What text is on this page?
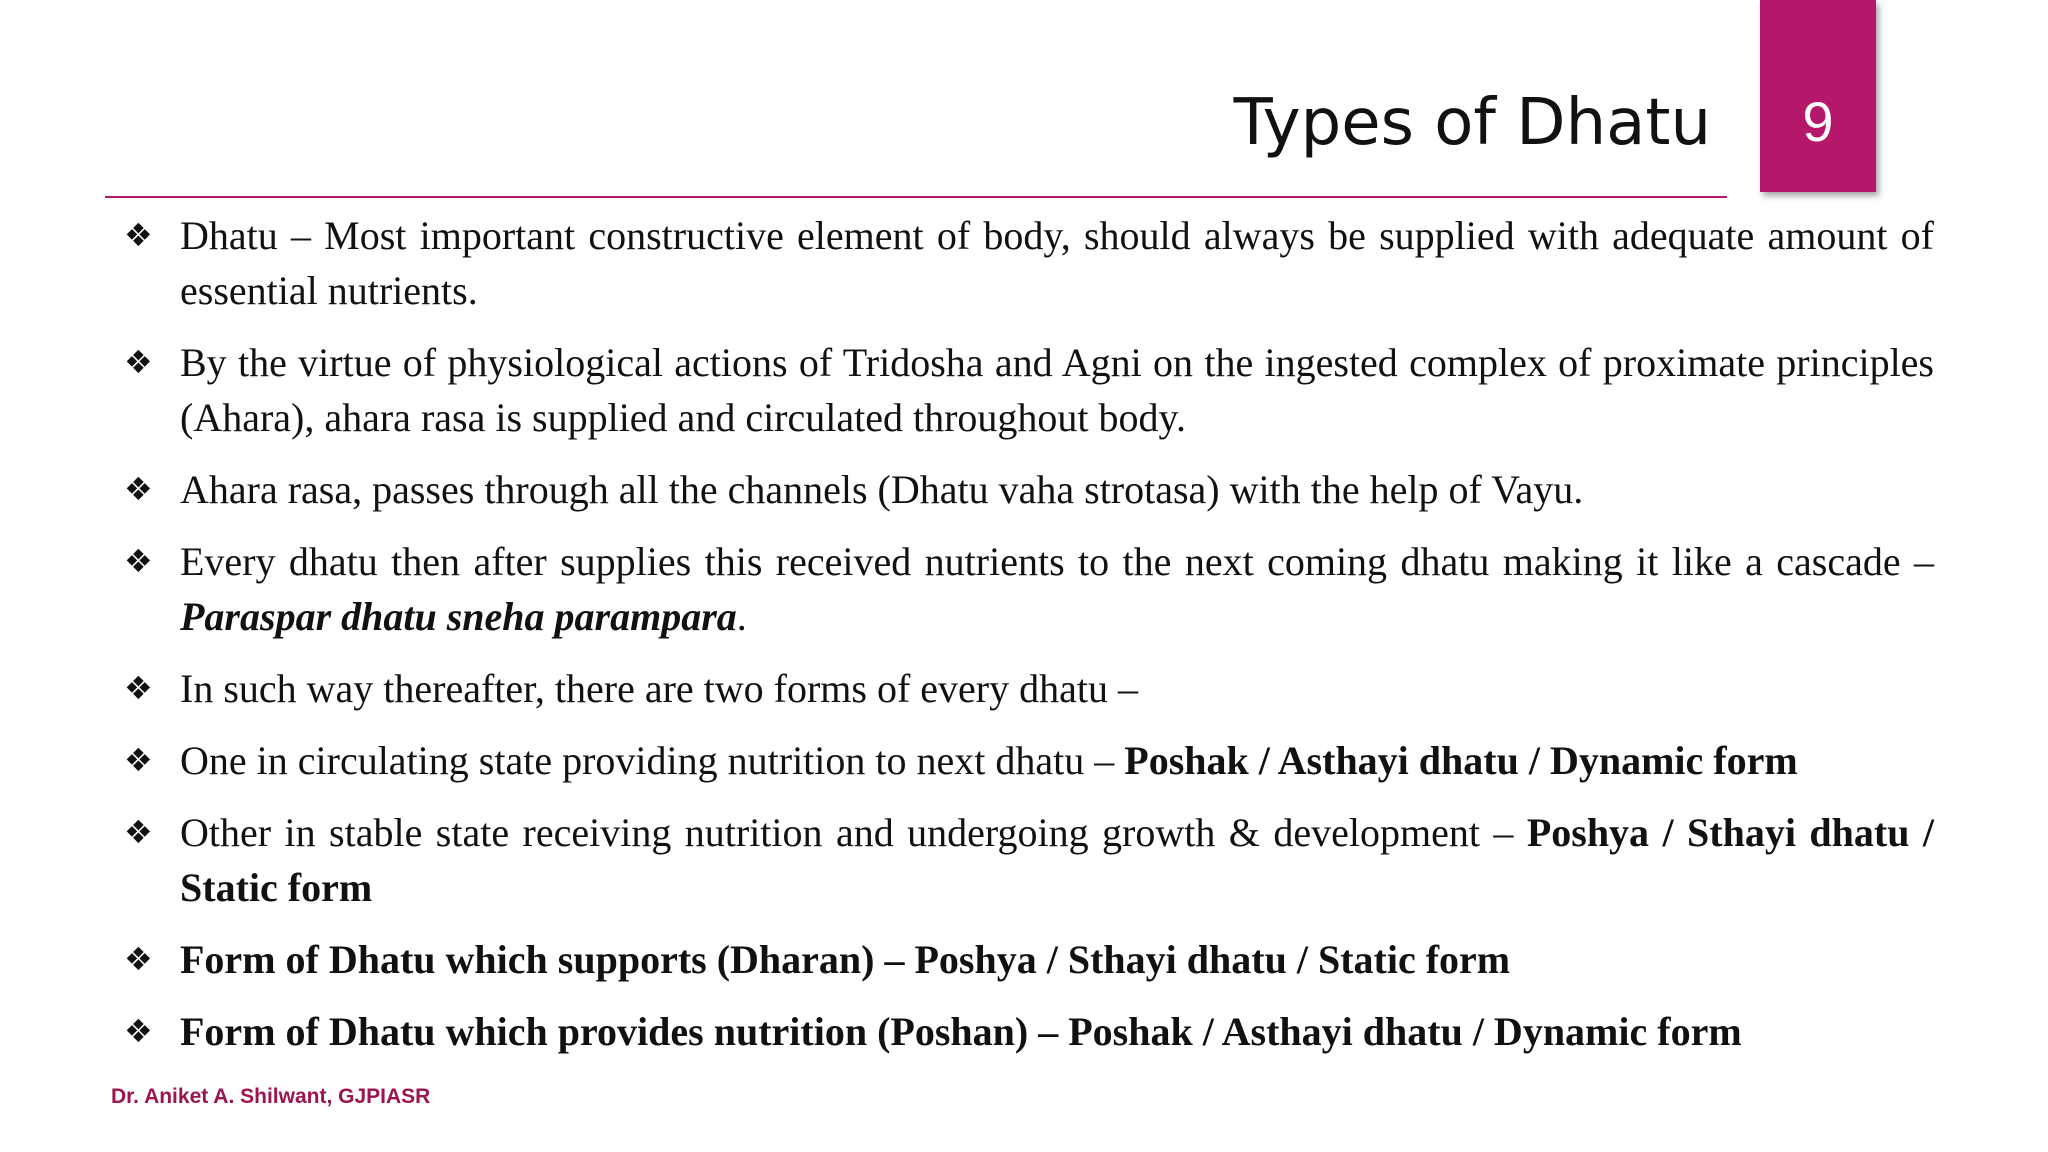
9
Types of Dhatu
❖ Dhatu – Most important constructive element of body, should always be supplied with adequate amount of essential nutrients.
❖ By the virtue of physiological actions of Tridosha and Agni on the ingested complex of proximate principles (Ahara), ahara rasa is supplied and circulated throughout body.
❖ Ahara rasa, passes through all the channels (Dhatu vaha strotasa) with the help of Vayu.
❖ Every dhatu then after supplies this received nutrients to the next coming dhatu making it like a cascade – Paraspar dhatu sneha parampara.
❖ In such way thereafter, there are two forms of every dhatu –
❖ One in circulating state providing nutrition to next dhatu – Poshak / Asthayi dhatu / Dynamic form
❖ Other in stable state receiving nutrition and undergoing growth & development – Poshya / Sthayi dhatu / Static form
❖ Form of Dhatu which supports (Dharan) – Poshya / Sthayi dhatu / Static form
❖ Form of Dhatu which provides nutrition (Poshan) – Poshak / Asthayi dhatu / Dynamic form
Dr. Aniket A. Shilwant, GJPIASR
